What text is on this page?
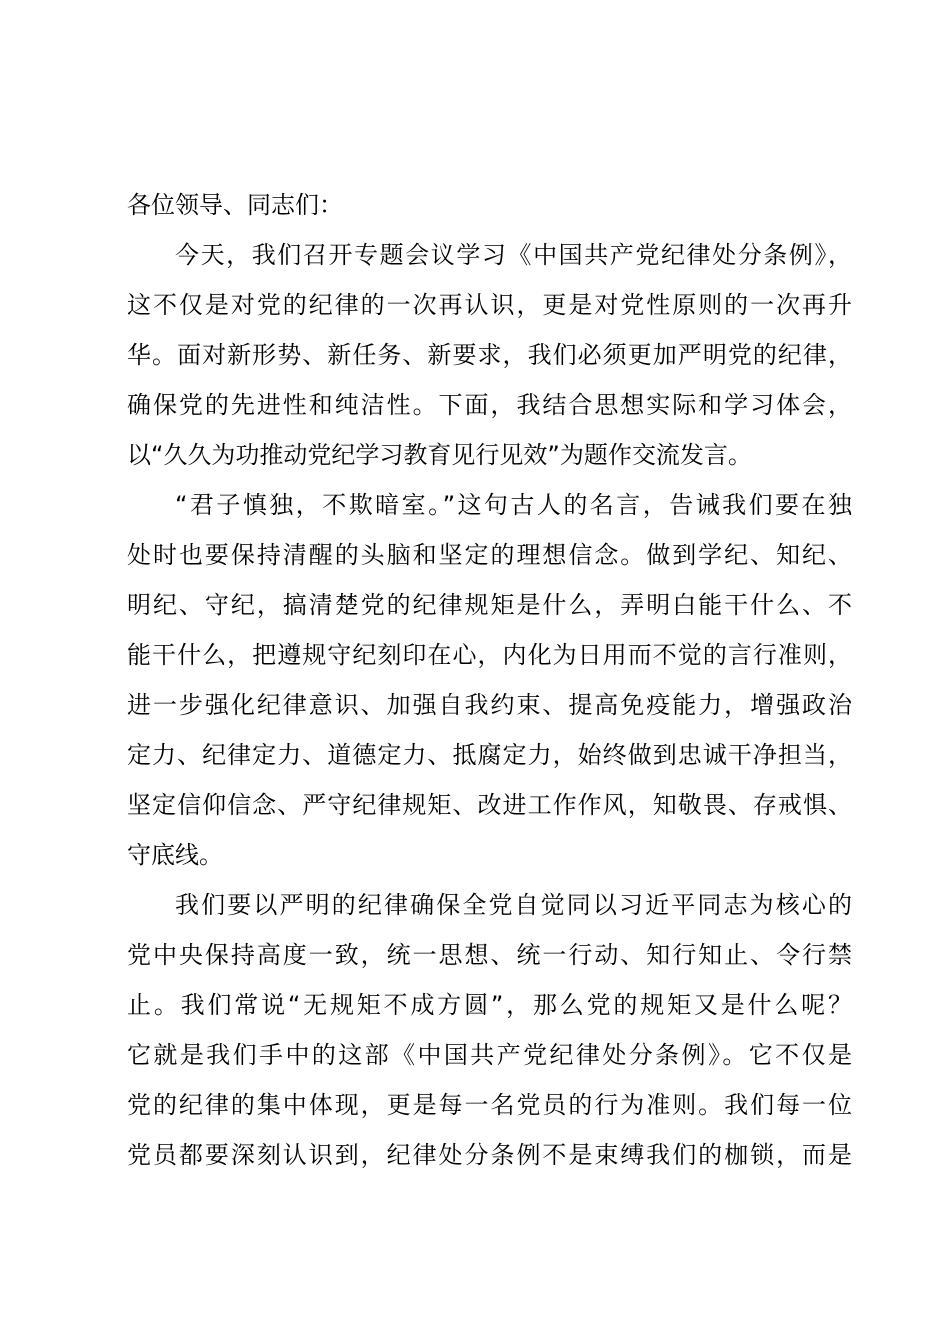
各位领导、同志们：

今天，我们召开专题会议学习《中国共产党纪律处分条例》，
这不仅是对党的纪律的一次再认识，更是对党性原则的一次再升
华。面对新形势、新任务、新要求，我们必须更加严明党的纪律，
确保党的先进性和纯洁性。下面，我结合思想实际和学习体会，
以“久久为功推动党纪学习教育见行见效”为题作交流发言。
“君子慎独，不欺暗室。”这句古人的名言，告诫我们要在独
处时也要保持清醒的头脑和坚定的理想信念。做到学纪、知纪、
明纪、守纪，搞清楚党的纪律规矩是什么，弄明白能干什么、不
能干什么，把遵规守纪刻印在心，内化为日用而不觉的言行准则，
进一步强化纪律意识、加强自我约束、提高免疫能力，增强政治
定力、纪律定力、道德定力、抵腐定力，始终做到忠诚干净担当，
坚定信仰信念、严守纪律规矩、改进工作作风，知敬畏、存戒惧、
守底线。
我们要以严明的纪律确保全党自觉同以习近平同志为核心的
党中央保持高度一致，统一思想、统一行动、知行知止、令行禁
止。我们常说“无规矩不成方圆”，那么党的规矩又是什么呢？
它就是我们手中的这部《中国共产党纪律处分条例》。它不仅是
党的纪律的集中体现，更是每一名党员的行为准则。我们每一位
党员都要深刻认识到，纪律处分条例不是束缚我们的枷锁，而是
